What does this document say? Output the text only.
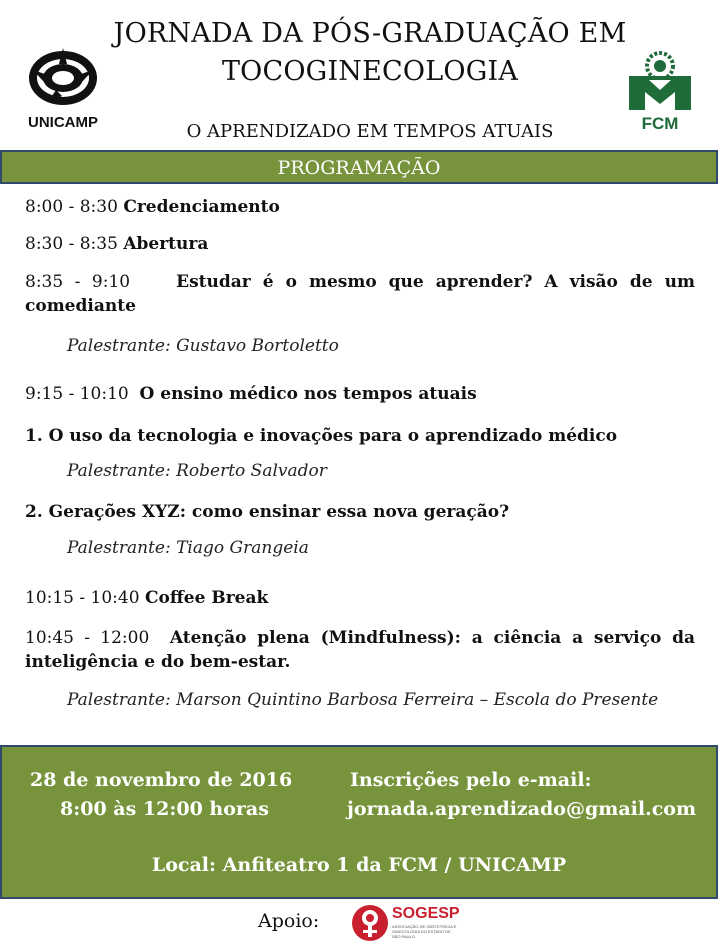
UNICAMP	FCM
JORNADA DA PÓS-GRADUAÇÃO EM
TOCOGINECOLOGIA
O APRENDIZADO EM TEMPOS ATUAIS
PROGRAMAÇÃO
8:00 - 8:30 Credenciamento
8:30 - 8:35 Abertura
8:35 - 9:10	Estudar é o mesmo que aprender? A visão de um comediante
Palestrante: Gustavo Bortoletto
9:15 - 10:10 O ensino médico nos tempos atuais
1. O uso da tecnologia e inovações para o aprendizado médico
Palestrante: Roberto Salvador
2. Gerações XYZ: como ensinar essa nova geração?
Palestrante: Tiago Grangeia
10:15 - 10:40 Coffee Break
10:45 - 12:00 Atenção plena (Mindfulness): a ciência a serviço da inteligência e do bem-estar.
Palestrante: Marson Quintino Barbosa Ferreira – Escola do Presente
28 de novembro de 2016
8:00 às 12:00 horas
Inscrições pelo e-mail:
jornada.aprendizado@gmail.com
Local: Anfiteatro 1 da FCM / UNICAMP
Apoio:	SOGESP
ASSOCIAÇÃO DE OBSTETRÍCIA E GINECOLOGIA DO ESTADO DE SÃO PAULO
